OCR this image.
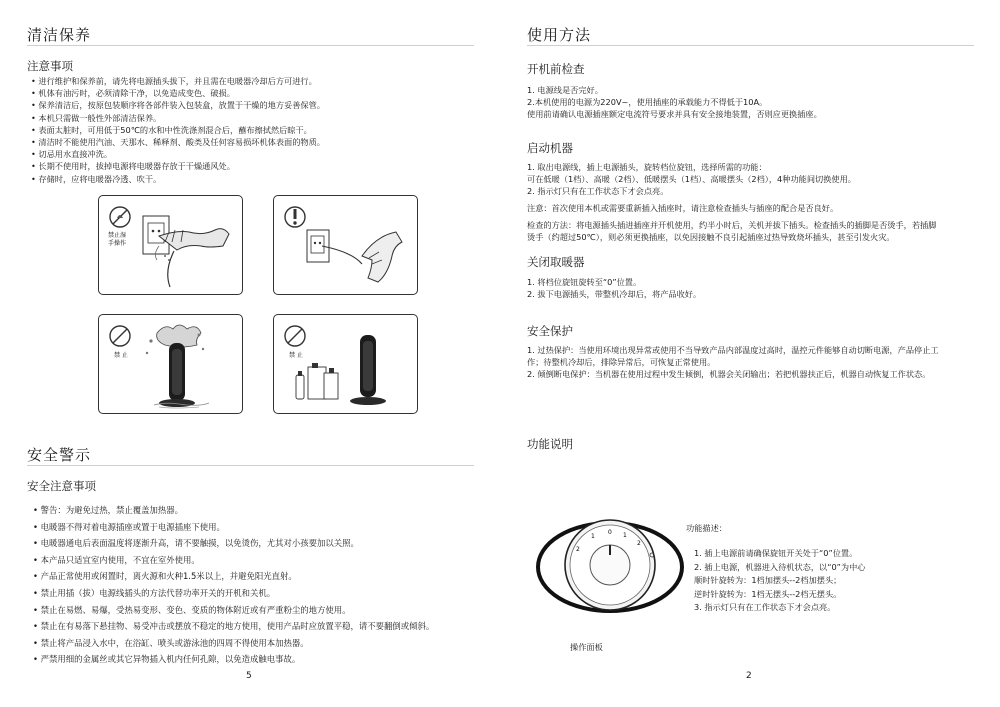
清洁保养
注意事项
• 进行维护和保养前，请先将电源插头拔下，并且需在电暖器冷却后方可进行。
• 机体有油污时，必须清除干净，以免造成变色、破损。
• 保养清洁后，按原包装顺序将各部件装入包装盒，放置于干燥的地方妥善保管。
• 本机只需做一般性外部清洁保养。
• 表面太脏时，可用低于50℃的水和中性洗涤剂混合后，蘸布擦拭然后晾干。
• 清洁时不能使用汽油、天那水、稀释剂、酸类及任何容易损坏机体表面的物质。
• 切忌用水直接冲洗。
• 长期不使用时，拔掉电源将电暖器存放于干燥通风处。
• 存储时，应将电暖器冷透、吹干。
禁止湿
手操作
禁 止	禁 止
安全警示
安全注意事项
• 警告：为避免过热，禁止覆盖加热器。
• 电暖器不得对着电源插座或置于电源插座下使用。
• 电暖器通电后表面温度将逐渐升高，请不要触摸，以免烫伤，尤其对小孩要加以关照。
• 本产品只适宜室内使用，不宜在室外使用。
• 产品正常使用或闲置时，离火源和火种1.5米以上，并避免阳光直射。
• 禁止用插（拔）电源线插头的方法代替功率开关的开机和关机。
• 禁止在易燃、易爆，受热易变形、变色、变质的物体附近或有严重粉尘的地方使用。
• 禁止在有易落下悬挂物、易受冲击或摆放不稳定的地方使用，使用产品时应放置平稳，请不要翻倒或倾斜。
• 禁止将产品浸入水中，在浴缸、喷头或游泳池的四周不得使用本加热器。
• 严禁用细的金属丝或其它异物插入机内任何孔隙，以免造成触电事故。
5
使用方法
开机前检查
1. 电源线是否完好。
2.本机使用的电源为220V~，使用插座的承载能力不得低于10A。
使用前请确认电源插座额定电流符号要求并具有安全接地装置，否则应更换插座。
启动机器
1. 取出电源线，插上电源插头，旋转档位旋钮，选择所需的功能：
可在低暖（1档）、高暖（2档）、低暖摆头（1档）、高暖摆头（2档），4种功能间切换使用。
2. 指示灯只有在工作状态下才会点亮。
注意：首次使用本机或需要重新插入插座时，请注意检查插头与插座的配合是否良好。
检查的方法：将电源插头插进插座并开机使用，约半小时后，关机并拔下插头。检查插头的插脚是否烫手，若插脚
烫手（约超过50℃），则必须更换插座，以免因接触不良引起插座过热导致烧坏插头，甚至引发火灾。
关闭取暖器
1. 将档位旋钮旋转至“0”位置。
2. 拔下电源插头，带整机冷却后，将产品收好。
安全保护
1. 过热保护：当使用环境出现异常或使用不当导致产品内部温度过高时，温控元件能够自动切断电源，产品停止工
作；待整机冷却后，排除异常后，可恢复正常使用。
2. 倾倒断电保护：当机器在使用过程中发生倾倒，机器会关闭输出；若把机器扶正后，机器自动恢复工作状态。
功能说明
2
1
0 1
2
操作面板
功能描述：
1. 插上电源前请确保旋钮开关处于“0”位置。
2. 插上电源，机器进入待机状态，以“0”为中心
顺时针旋转为：1档加摆头--2档加摆头；
逆时针旋转为：1档无摆头--2档无摆头。
3. 指示灯只有在工作状态下才会点亮。
2
